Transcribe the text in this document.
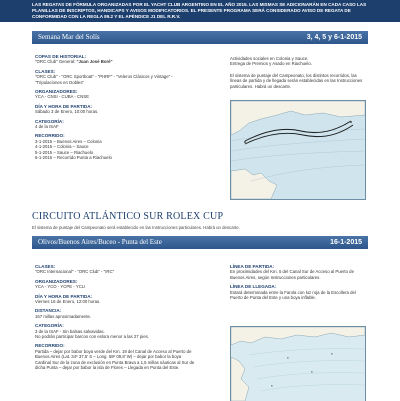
LAS REGATAS DE FÓRMULA ORGANIZADAS POR EL YACHT CLUB ARGENTINO EN EL AÑO 2015. LAS MISMAS SE ADICIONARÁN EN CADA CASO LAS PLANILLAS DE INSCRIPTOS, HANDICAPS Y AVISOS MODIFICATORIOS. EL PRESENTE PROGRAMA SERÁ CONSIDERADO AVISO DE REGATA DE CONFORMIDAD CON LA REGLA 89.2 Y EL APÉNDICE J1 DEL R.R.V.
Semana Mar del Solís	3, 4, 5 y 6-1-2015
COPAS DE HISTORIAL:
"ORC Club" General: "Juan José Boré"
CLASES:
"ORC Club" - "ORC Sportboat" - "PHRF" - "Veleros Clásicos y Vintage" - "Tripulaciones en Dobles"
ORGANIZADORES:
YCA - CNSI - CUBA - CNSE
DÍA Y HORA DE PARTIDA:
Sábado 3 de Enero, 10:00 horas.
CATEGORÍA:
4 de la ISAF
RECORRIDO:
3-1-2015 – Buenos Aires – Colonia
4-1-2015 – Colonia – Sauce
5-1-2015 – Sauce – Riachuelo
6-1-2015 – Recorrido Punta a Riachuelo
Actividades sociales en Colonia y Sauce.
Entrega de Premios y Asado en Riachuelo.
El sistema de puntaje del Campeonato, los distintos recorridos, las líneas de partida y de llegada serán establecidas en las Instrucciones particulares. Habrá un descarte.
CIRCUITO ATLÁNTICO SUR ROLEX CUP
El sistema de puntaje del Campeonato será establecido en las Instrucciones particulares. Habrá un descarte.
Olivos/Buenos Aires/Buceo - Punta del Este	16-1-2015
CLASES:
"ORC Internacional" - "ORC Club" - "IRC"
ORGANIZADORES:
YCA - YCO - YCPE - YCU
DÍA Y HORA DE PARTIDA:
Viernes 16 de Enero, 12:00 horas.
DISTANCIA:
167 millas aproximadamente.
CATEGORÍA:
3 de la ISAF - Sin balsas salvavidas.
No podrán participar barcos con eslora menor a las 27 pies.
RECORRIDO:
Partida – dejar por babor boya verde del Km. 19 del Canal de Acceso al Puerto de Buenos Aires (Lat. 34º 37,5' S – Long. 58º 09,8' W) – dejar por babor la boya Cardinal Sur de la zona de exclusión en Punta Brava a 1,5 millas náuticas al Sur de dicha Punta – dejar por babor la isla de Flores – Llegada en Punta del Este.
LÍNEA DE PARTIDA:
En proximidades del Km. 5 del Canal Sur de Acceso al Puerto de Buenos Aires, según Instrucciones particulares.
LÍNEA DE LLEGADA:
Estará determinada entre la Farola con luz roja de la Escollera del Puerto de Punta del Este y una boya inflable.
